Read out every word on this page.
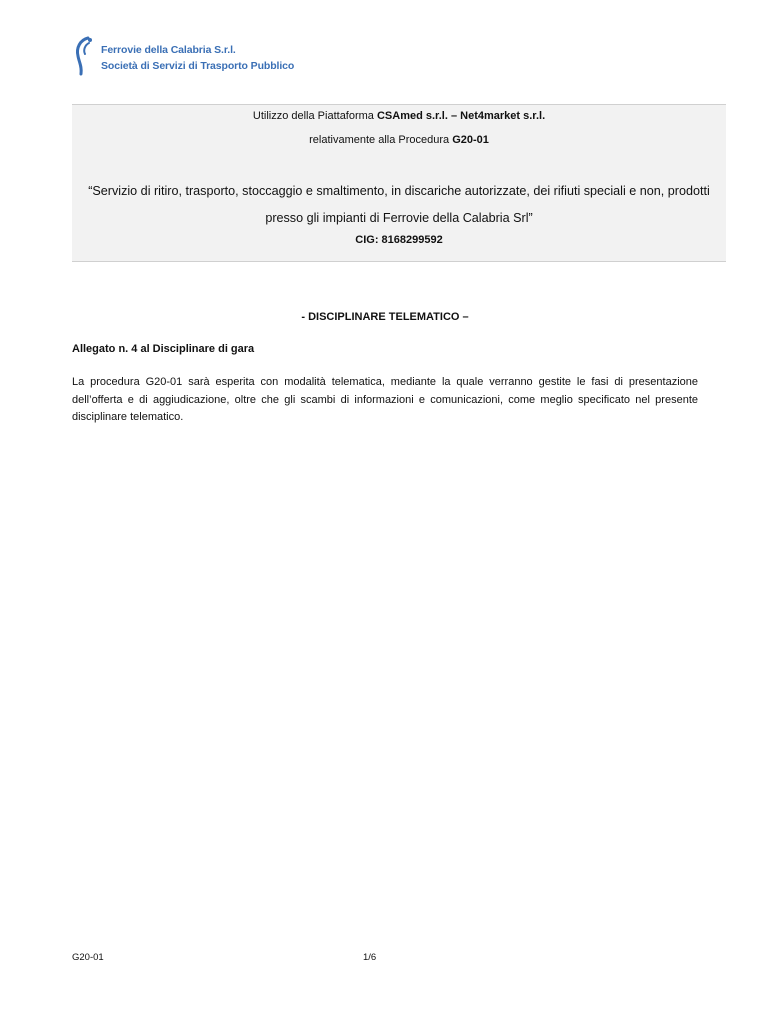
Ferrovie della Calabria S.r.l.
Società di Servizi di Trasporto Pubblico
Utilizzo della Piattaforma CSAmed s.r.l. – Net4market s.r.l.
relativamente alla Procedura G20-01
“Servizio di ritiro, trasporto, stoccaggio e smaltimento, in discariche autorizzate, dei rifiuti speciali e non, prodotti presso gli impianti di Ferrovie della Calabria Srl”
CIG: 8168299592
- DISCIPLINARE TELEMATICO –
Allegato n. 4 al Disciplinare di gara
La procedura G20-01 sarà esperita con modalità telematica, mediante la quale verranno gestite le fasi di presentazione dell’offerta e di aggiudicazione, oltre che gli scambi di informazioni e comunicazioni, come meglio specificato nel presente disciplinare telematico.
G20-01	1/6
